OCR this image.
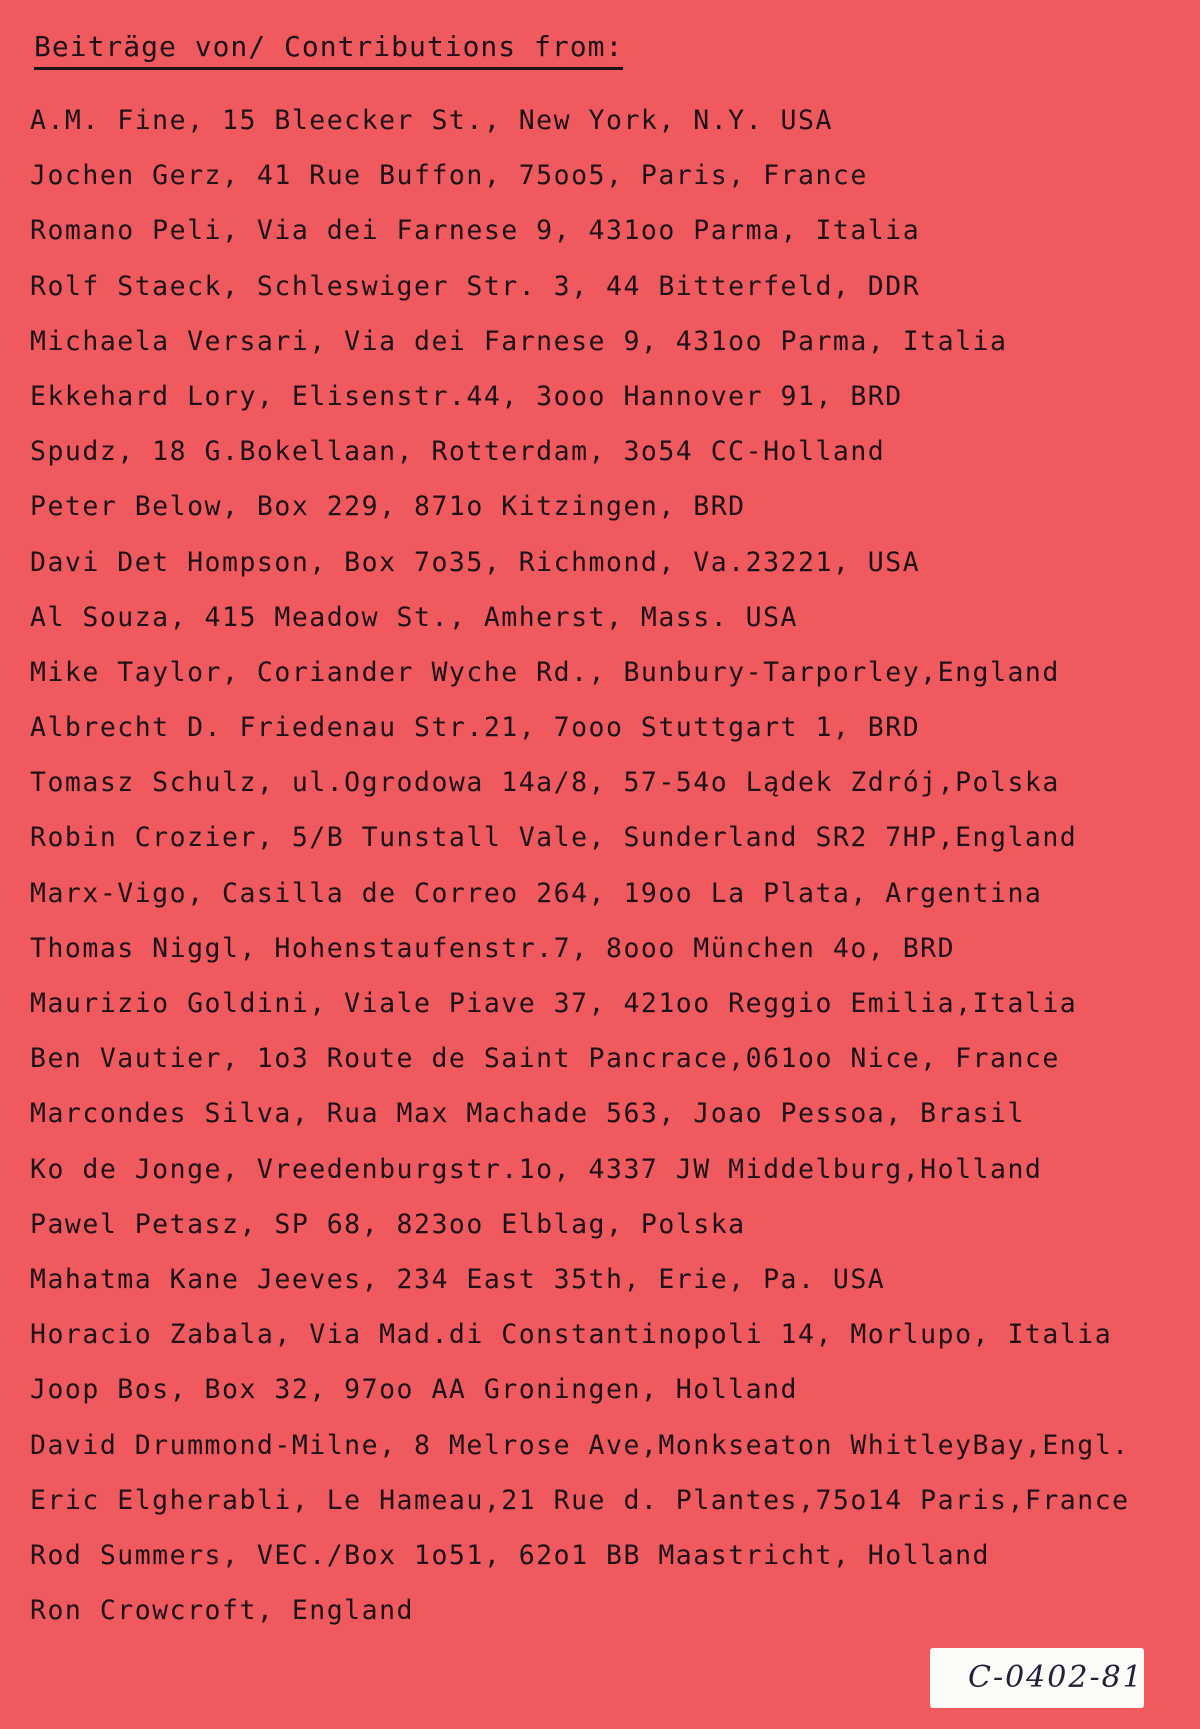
Beiträge von/ Contributions from:
A.M. Fine, 15 Bleecker St., New York, N.Y. USA
Jochen Gerz, 41 Rue Buffon, 75oo5, Paris, France
Romano Peli, Via dei Farnese 9, 431oo Parma, Italia
Rolf Staeck, Schleswiger Str. 3, 44 Bitterfeld, DDR
Michaela Versari, Via dei Farnese 9, 431oo Parma, Italia
Ekkehard Lory, Elisenstr.44, 3ooo Hannover 91, BRD
Spudz, 18 G.Bokellaan, Rotterdam, 3o54 CC-Holland
Peter Below, Box 229, 871o Kitzingen, BRD
Davi Det Hompson, Box 7o35, Richmond, Va.23221, USA
Al Souza, 415 Meadow St., Amherst, Mass. USA
Mike Taylor, Coriander Wyche Rd., Bunbury-Tarporley,England
Albrecht D. Friedenau Str.21, 7ooo Stuttgart 1, BRD
Tomasz Schulz, ul.Ogrodowa 14a/8, 57-54o Lądek Zdrój,Polska
Robin Crozier, 5/B Tunstall Vale, Sunderland SR2 7HP,England
Marx-Vigo, Casilla de Correo 264, 19oo La Plata, Argentina
Thomas Niggl, Hohenstaufenstr.7, 8ooo München 4o, BRD
Maurizio Goldini, Viale Piave 37, 421oo Reggio Emilia,Italia
Ben Vautier, 1o3 Route de Saint Pancrace,061oo Nice, France
Marcondes Silva, Rua Max Machade 563, Joao Pessoa, Brasil
Ko de Jonge, Vreedenburgstr.1o, 4337 JW Middelburg,Holland
Pawel Petasz, SP 68, 823oo Elblag, Polska
Mahatma Kane Jeeves, 234 East 35th, Erie, Pa. USA
Horacio Zabala, Via Mad.di Constantinopoli 14, Morlupo, Italia
Joop Bos, Box 32, 97oo AA Groningen, Holland
David Drummond-Milne, 8 Melrose Ave,Monkseaton WhitleyBay,Engl.
Eric Elgherabli, Le Hameau,21 Rue d. Plantes,75o14 Paris,France
Rod Summers, VEC./Box 1o51, 62o1 BB Maastricht, Holland
Ron Crowcroft, England
C-0402-81
